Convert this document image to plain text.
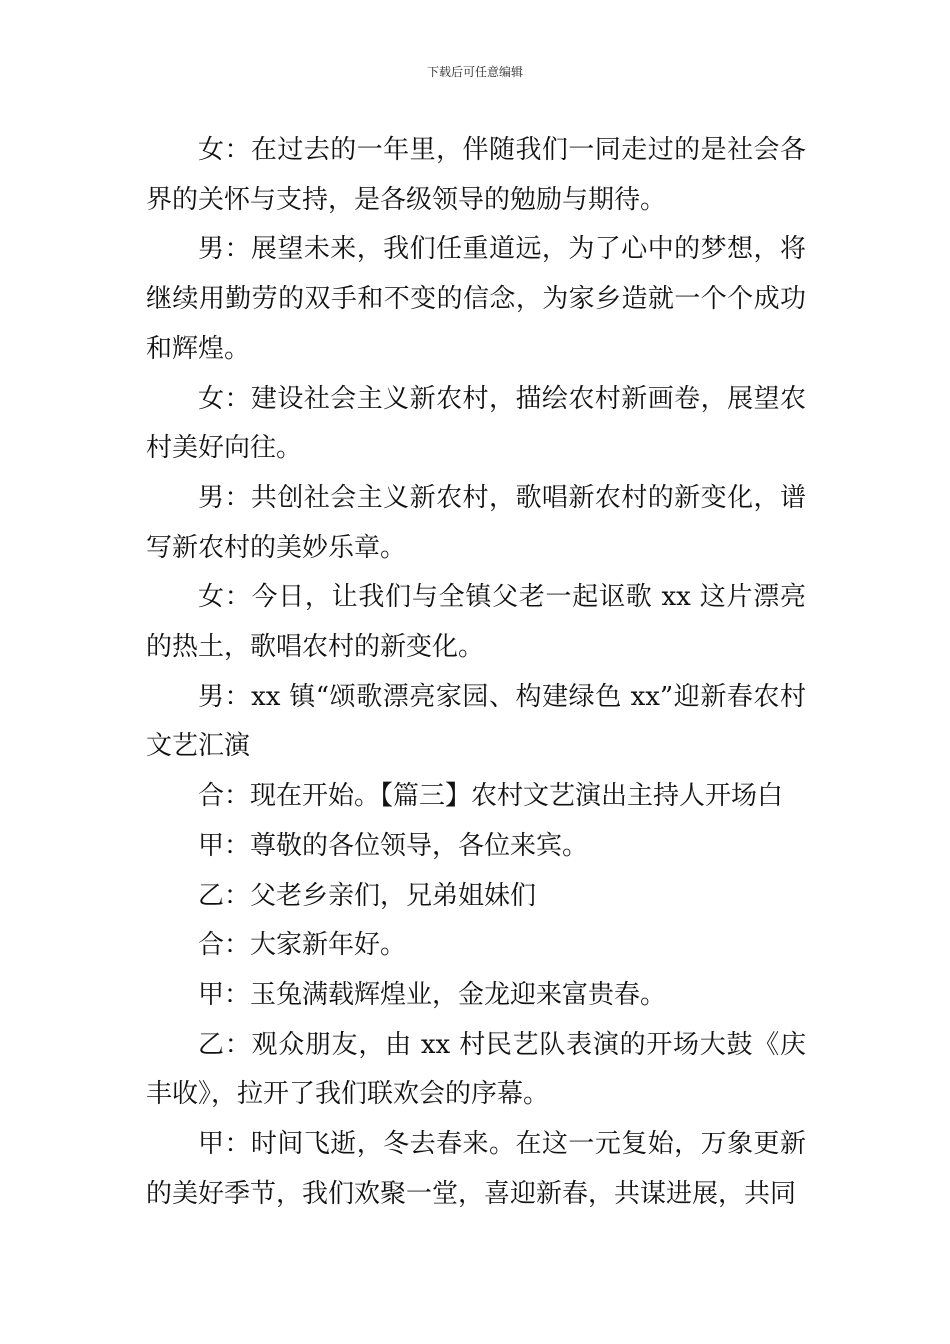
下载后可任意编辑

女：在过去的一年里，伴随我们一同走过的是社会各界的关怀与支持，是各级领导的勉励与期待。

男：展望未来，我们任重道远，为了心中的梦想，将继续用勤劳的双手和不变的信念，为家乡造就一个个成功和辉煌。

女：建设社会主义新农村，描绘农村新画卷，展望农村美好向往。

男：共创社会主义新农村，歌唱新农村的新变化，谱写新农村的美妙乐章。

女：今日，让我们与全镇父老一起讴歌 xx 这片漂亮的热土，歌唱农村的新变化。

男：xx 镇“颂歌漂亮家园、构建绿色 xx”迎新春农村文艺汇演

合：现在开始。【篇三】农村文艺演出主持人开场白

甲：尊敬的各位领导，各位来宾。

乙：父老乡亲们，兄弟姐妹们

合：大家新年好。

甲：玉兔满载辉煌业，金龙迎来富贵春。

乙：观众朋友，由 xx 村民艺队表演的开场大鼓《庆丰收》，拉开了我们联欢会的序幕。

甲：时间飞逝，冬去春来。在这一元复始，万象更新的美好季节，我们欢聚一堂，喜迎新春，共谋进展，共同
